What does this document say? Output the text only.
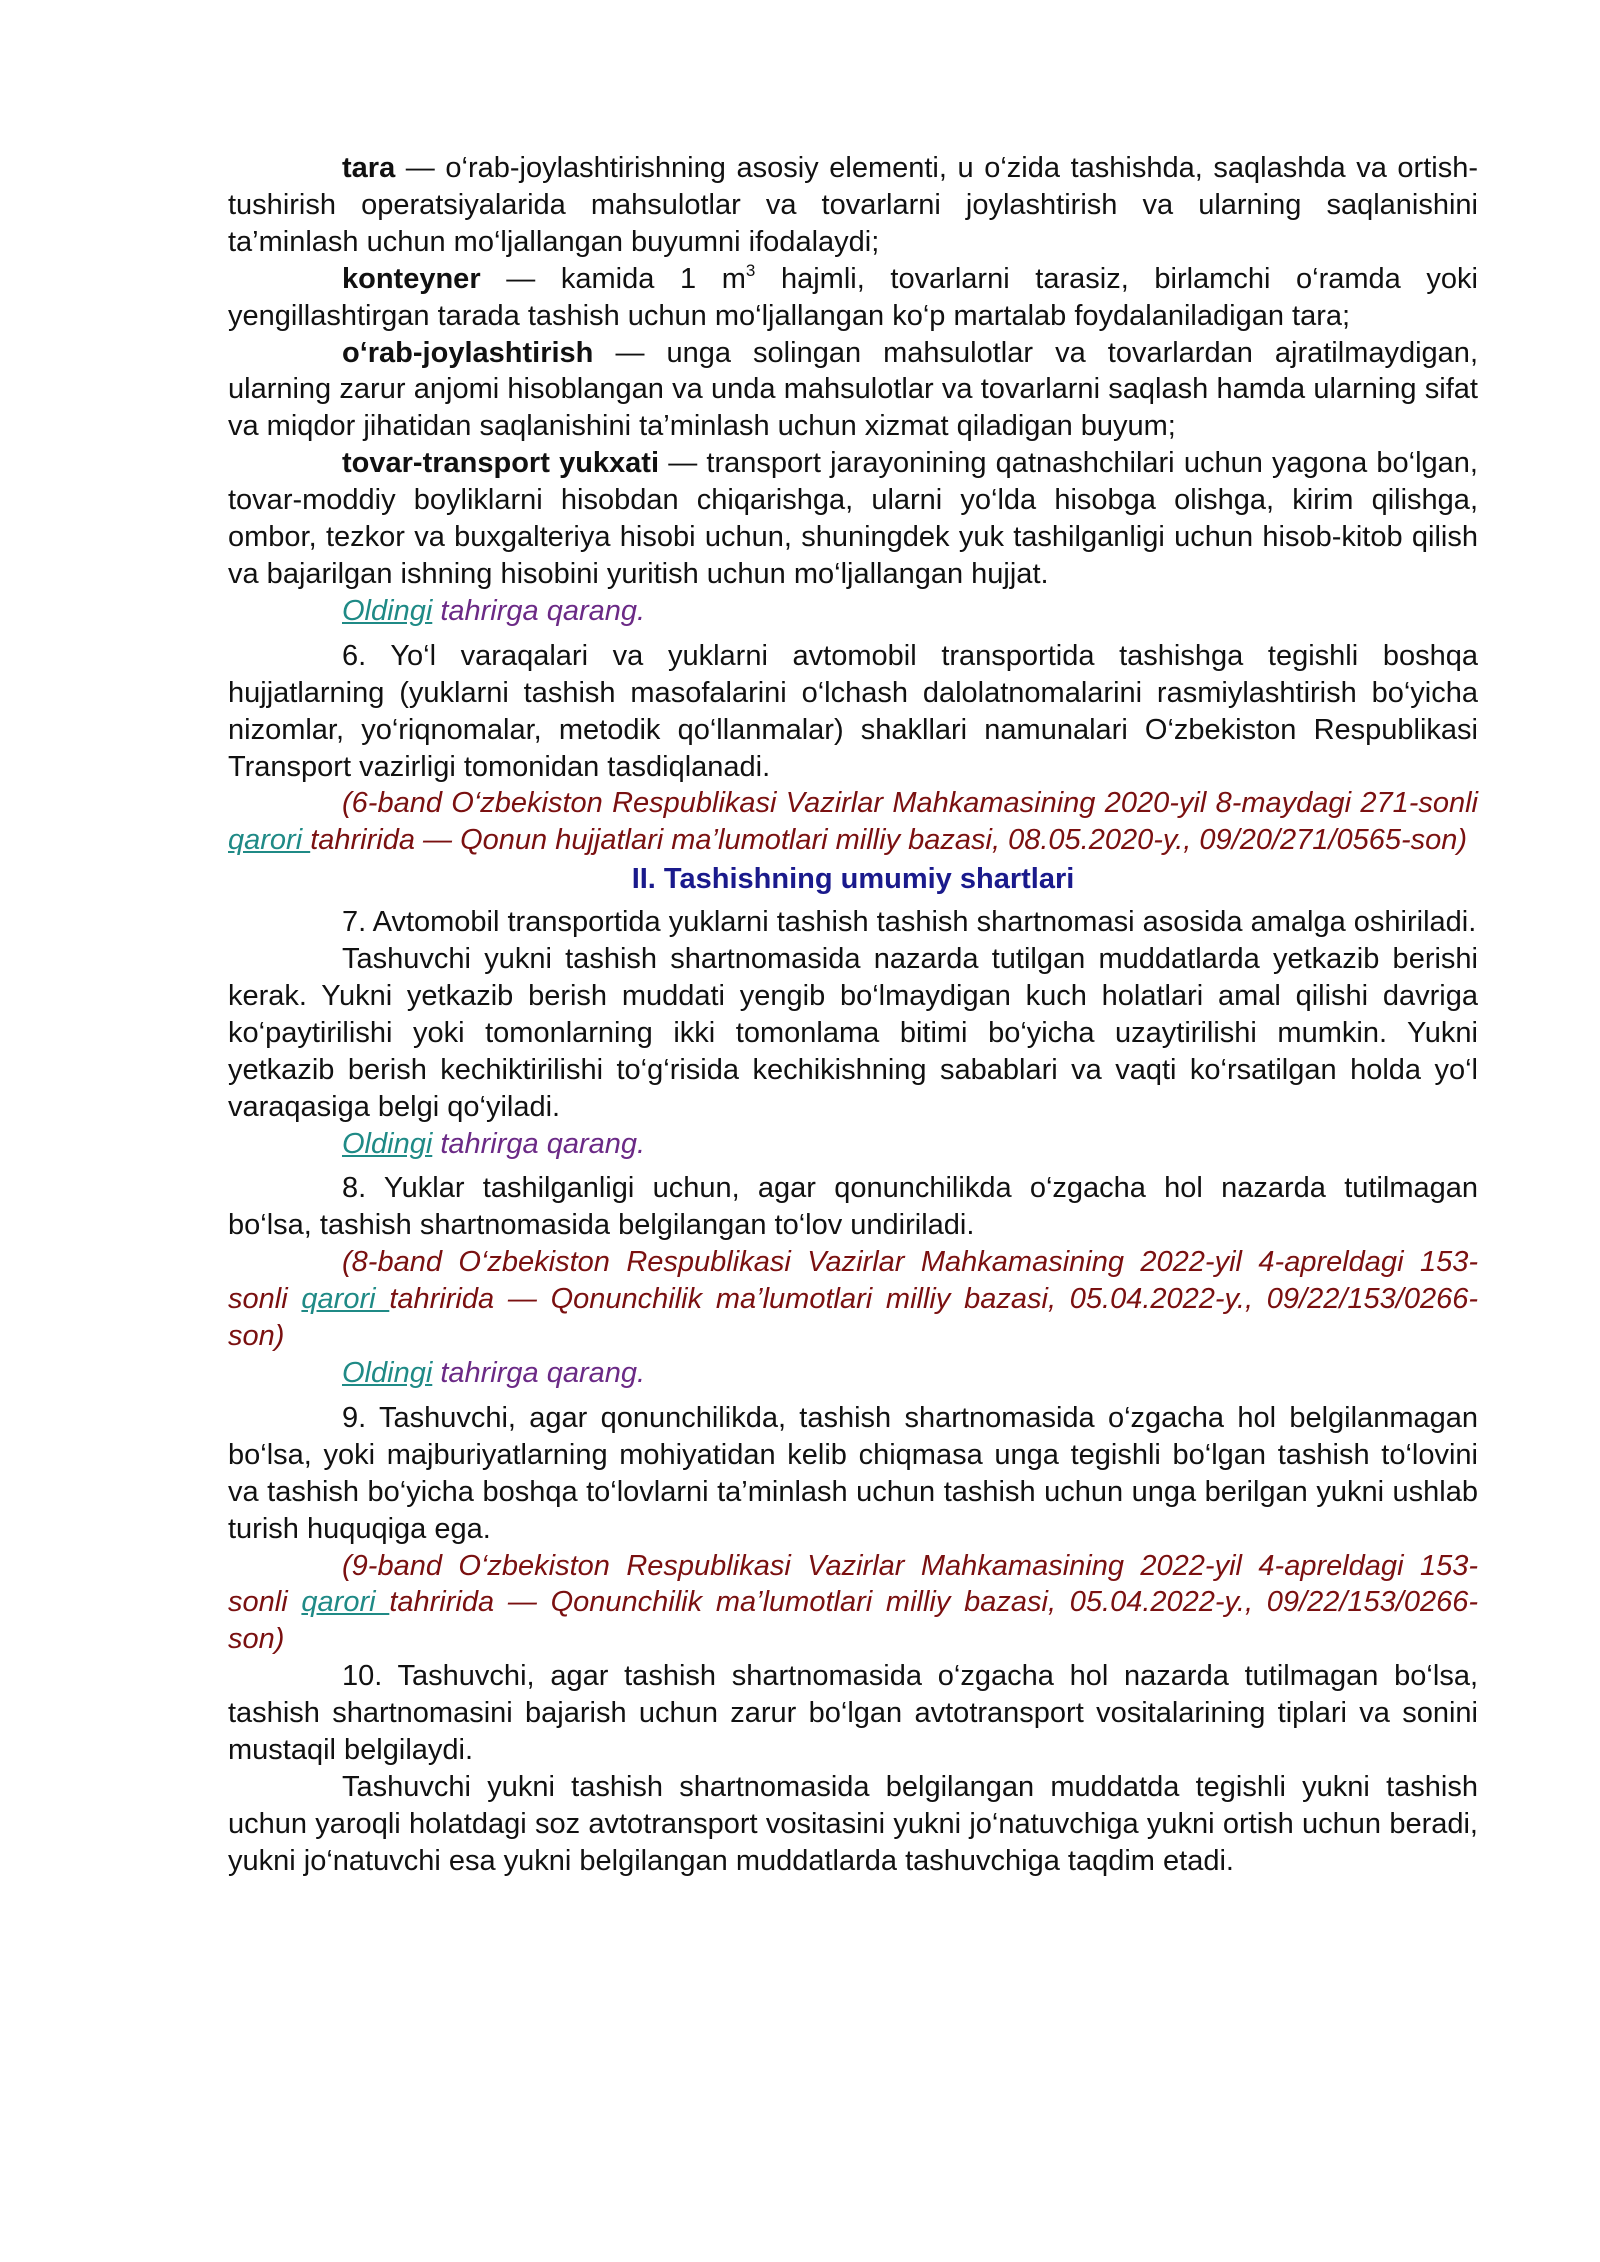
tara — o‘rab-joylashtirishning asosiy elementi, u o‘zida tashishda, saqlashda va ortish-tushirish operatsiyalarida mahsulotlar va tovarlarni joylashtirish va ularning saqlanishini ta’minlash uchun mo‘ljallangan buyumni ifodalaydi;

konteyner — kamida 1 $m^3$ hajmli, tovarlarni tarasiz, birlamchi o‘ramda yoki yengillashtirgan tarada tashish uchun mo‘ljallangan ko‘p martalab foydalaniladigan tara;

o‘rab-joylashtirish — unga solingan mahsulotlar va tovarlardan ajratilmaydigan, ularning zarur anjomi hisoblangan va unda mahsulotlar va tovarlarni saqlash hamda ularning sifat va miqdor jihatidan saqlanishini ta’minlash uchun xizmat qiladigan buyum;

tovar-transport yukxati — transport jarayonining qatnashchilari uchun yagona bo‘lgan, tovar-moddiy boyliklarni hisobdan chiqarishga, ularni yo‘lda hisobga olishga, kirim qilishga, ombor, tezkor va buxgalteriya hisobi uchun, shuningdek yuk tashilganligi uchun hisob-kitob qilish va bajarilgan ishning hisobini yuritish uchun mo‘ljallangan hujjat.

Oldingi tahrirga qarang.

6. Yo‘l varaqalari va yuklarni avtomobil transportida tashishga tegishli boshqa hujjatlarning (yuklarni tashish masofalarini o‘lchash dalolatnomalarini rasmiylashtirish bo‘yicha nizomlar, yo‘riqnomalar, metodik qo‘llanmalar) shakllari namunalari O‘zbekiston Respublikasi Transport vazirligi tomonidan tasdiqlanadi.

(6-band O‘zbekiston Respublikasi Vazirlar Mahkamasining 2020-yil 8-maydagi 271-sonli qarori tahririda — Qonun hujjatlari ma’lumotlari milliy bazasi, 08.05.2020-y., 09/20/271/0565-son)

II. Tashishning umumiy shartlari

7. Avtomobil transportida yuklarni tashish tashish shartnomasi asosida amalga oshiriladi.

Tashuvchi yukni tashish shartnomasida nazarda tutilgan muddatlarda yetkazib berishi kerak. Yukni yetkazib berish muddati yengib bo‘lmaydigan kuch holatlari amal qilishi davriga ko‘paytirilishi yoki tomonlarning ikki tomonlama bitimi bo‘yicha uzaytirilishi mumkin. Yukni yetkazib berish kechiktirilishi to‘g‘risida kechikishning sabablari va vaqti ko‘rsatilgan holda yo‘l varaqasiga belgi qo‘yiladi.

Oldingi tahrirga qarang.

8. Yuklar tashilganligi uchun, agar qonunchilikda o‘zgacha hol nazarda tutilmagan bo‘lsa, tashish shartnomasida belgilangan to‘lov undiriladi.

(8-band O‘zbekiston Respublikasi Vazirlar Mahkamasining 2022-yil 4-apreldagi 153-sonli qarori tahririda — Qonunchilik ma’lumotlari milliy bazasi, 05.04.2022-y., 09/22/153/0266-son)

Oldingi tahrirga qarang.

9. Tashuvchi, agar qonunchilikda, tashish shartnomasida o‘zgacha hol belgilanmagan bo‘lsa, yoki majburiyatlarning mohiyatidan kelib chiqmasa unga tegishli bo‘lgan tashish to‘lovini va tashish bo‘yicha boshqa to‘lovlarni ta’minlash uchun tashish uchun unga berilgan yukni ushlab turish huquqiga ega.

(9-band O‘zbekiston Respublikasi Vazirlar Mahkamasining 2022-yil 4-apreldagi 153-sonli qarori tahririda — Qonunchilik ma’lumotlari milliy bazasi, 05.04.2022-y., 09/22/153/0266-son)

10. Tashuvchi, agar tashish shartnomasida o‘zgacha hol nazarda tutilmagan bo‘lsa, tashish shartnomasini bajarish uchun zarur bo‘lgan avtotransport vositalarining tiplari va sonini mustaqil belgilaydi.

Tashuvchi yukni tashish shartnomasida belgilangan muddatda tegishli yukni tashish uchun yaroqli holatdagi soz avtotransport vositasini yukni jo‘natuvchiga yukni ortish uchun beradi, yukni jo‘natuvchi esa yukni belgilangan muddatlarda tashuvchiga taqdim etadi.
